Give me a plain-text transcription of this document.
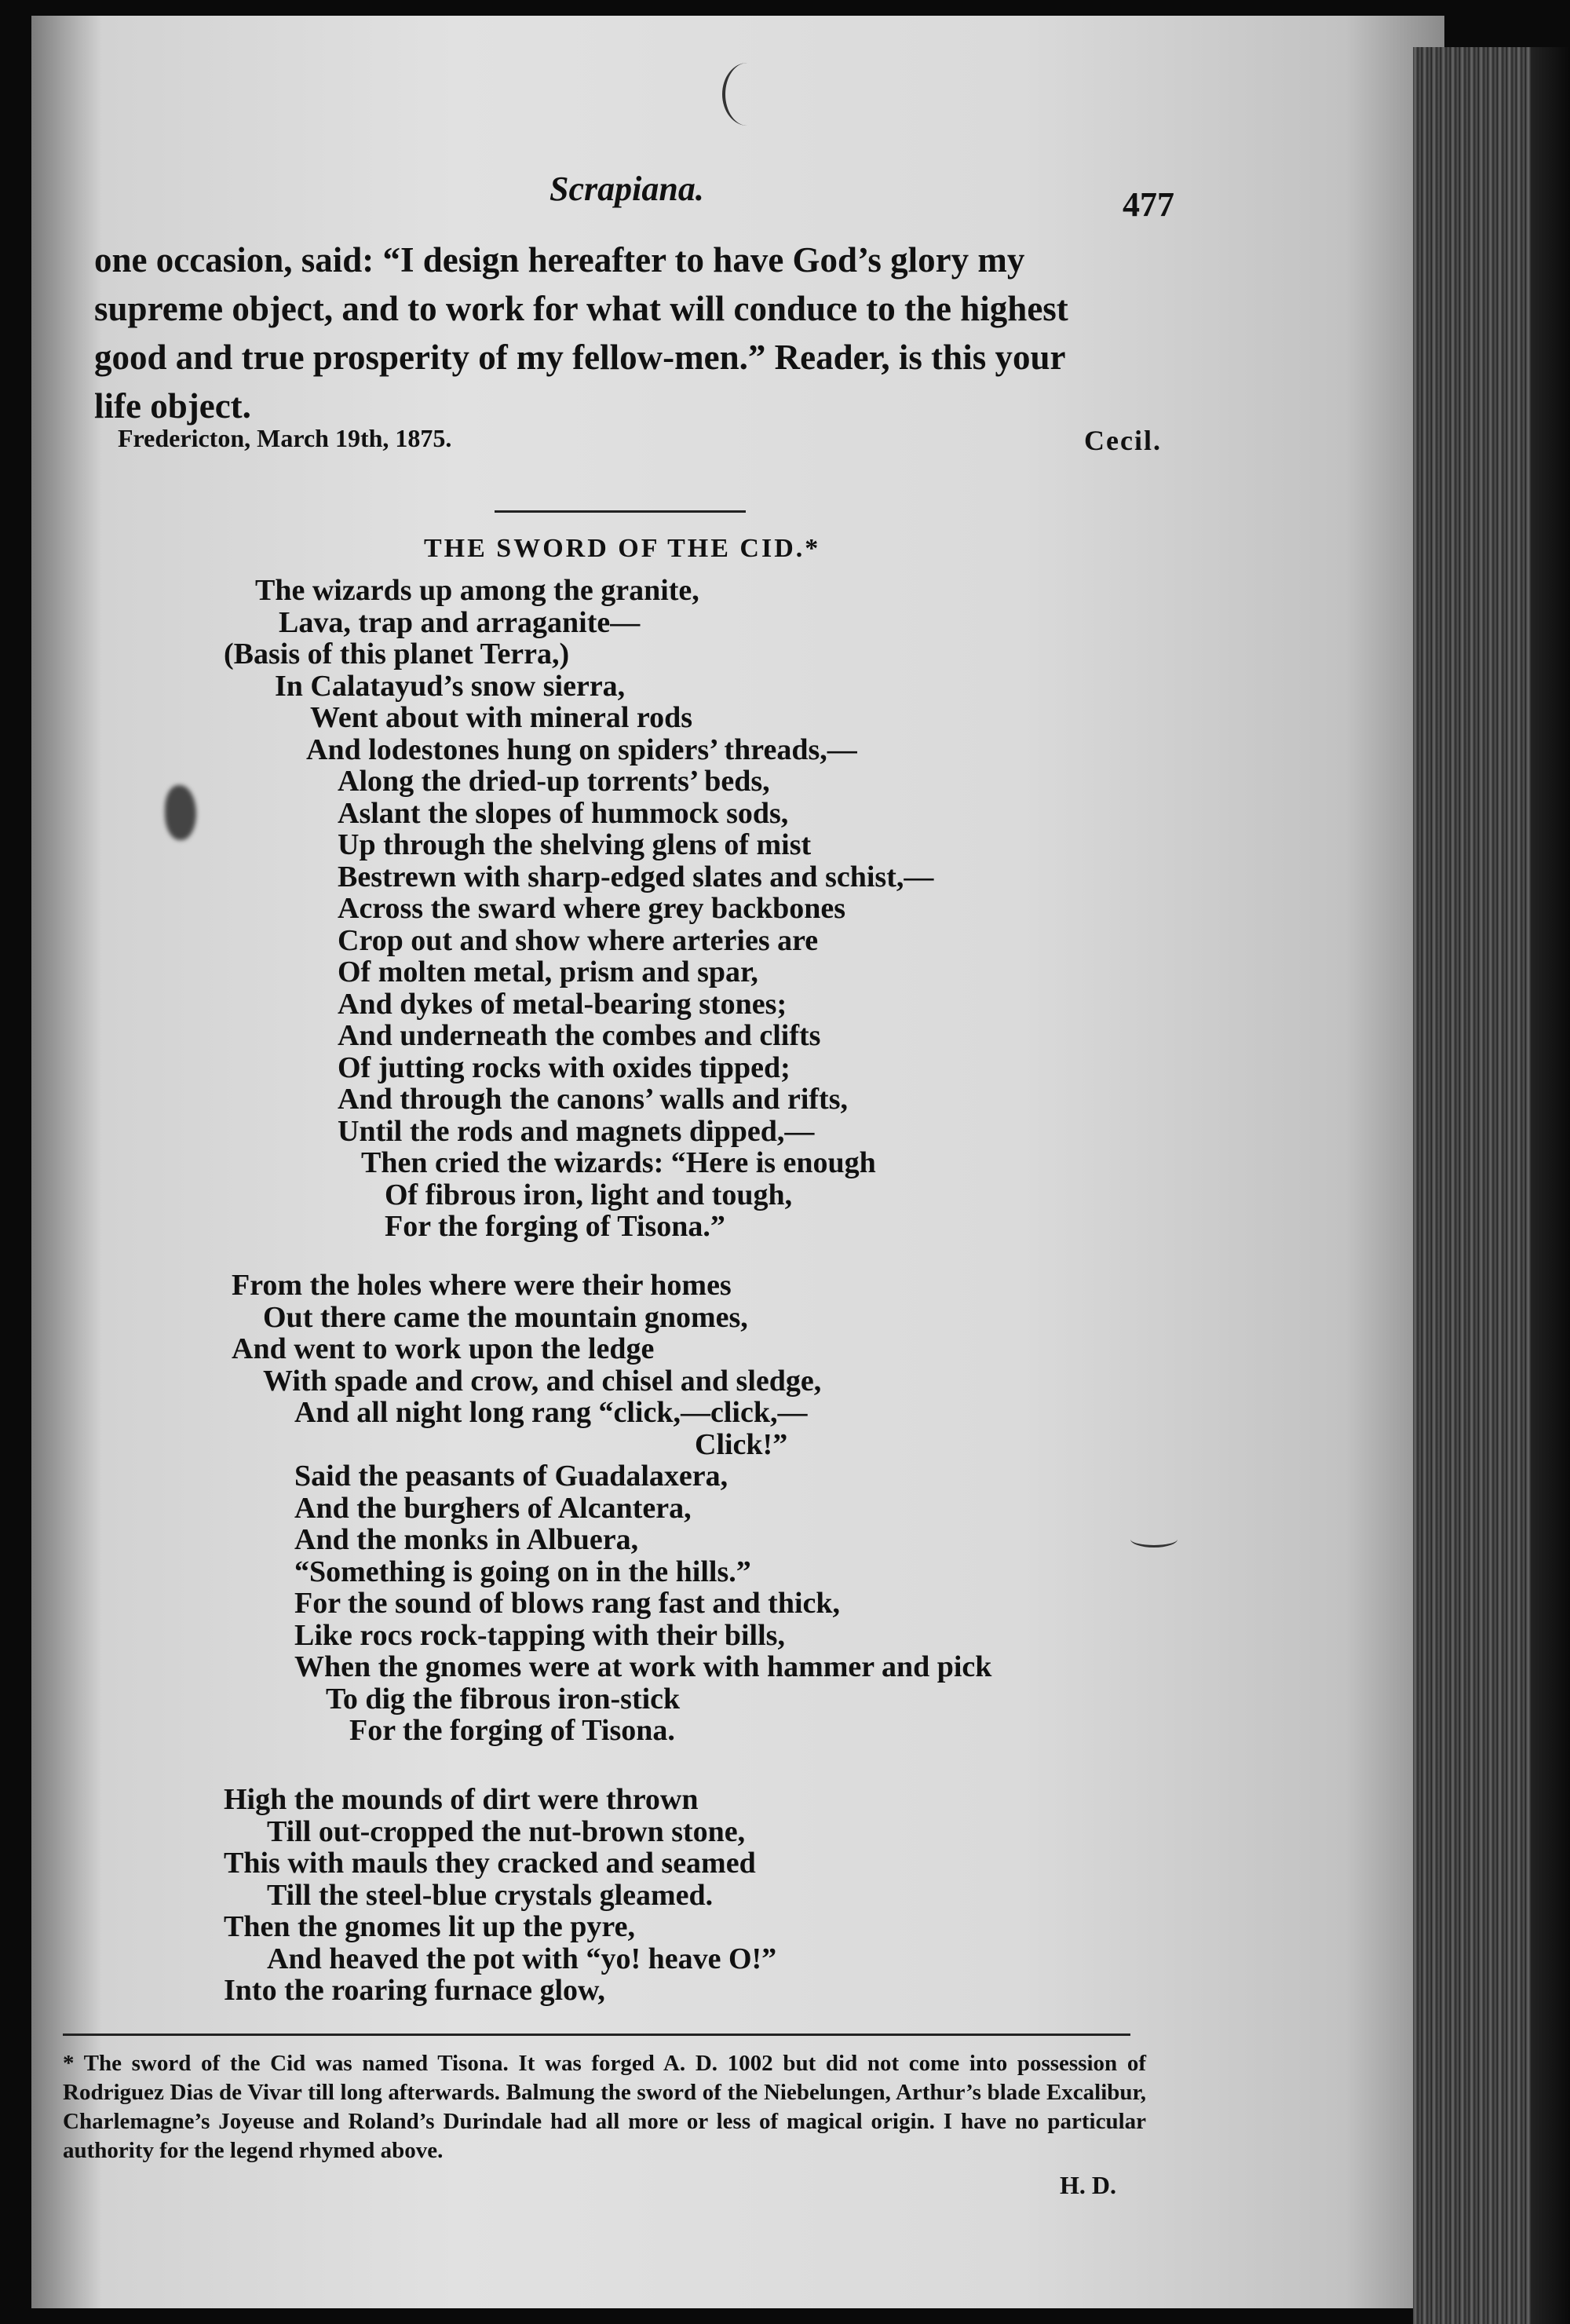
Scrapiana.	477
one occasion, said: “I design hereafter to have God’s glory my
supreme object, and to work for what will conduce to the highest
good and true prosperity of my fellow-men.” Reader, is this your
life object.
Fredericton, March 19th, 1875.	Cecil.
THE SWORD OF THE CID.*
The wizards up among the granite,
Lava, trap and arraganite—
(Basis of this planet Terra,)
In Calatayud’s snow sierra,
Went about with mineral rods
And lodestones hung on spiders’ threads,—
Along the dried-up torrents’ beds,
Aslant the slopes of hummock sods,
Up through the shelving glens of mist
Bestrewn with sharp-edged slates and schist,—
Across the sward where grey backbones
Crop out and show where arteries are
Of molten metal, prism and spar,
And dykes of metal-bearing stones;
And underneath the combes and clifts
Of jutting rocks with oxides tipped;
And through the canons’ walls and rifts,
Until the rods and magnets dipped,—
Then cried the wizards: “Here is enough
Of fibrous iron, light and tough,
For the forging of Tisona.”
From the holes where were their homes
Out there came the mountain gnomes,
And went to work upon the ledge
With spade and crow, and chisel and sledge,
And all night long rang “click,—click,—
Click!”
Said the peasants of Guadalaxera,
And the burghers of Alcantera,
And the monks in Albuera,
“Something is going on in the hills.”
For the sound of blows rang fast and thick,
Like rocs rock-tapping with their bills,
When the gnomes were at work with hammer and pick
To dig the fibrous iron-stick
For the forging of Tisona.
High the mounds of dirt were thrown
Till out-cropped the nut-brown stone,
This with mauls they cracked and seamed
Till the steel-blue crystals gleamed.
Then the gnomes lit up the pyre,
And heaved the pot with “yo! heave O!”
Into the roaring furnace glow,
* The sword of the Cid was named Tisona. It was forged A. D. 1002 but did not come into possession of Rodriguez Dias de Vivar till long afterwards. Balmung the sword of the Niebelungen, Arthur’s blade Excalibur, Charlemagne’s Joyeuse and Roland’s Durindale had all more or less of magical origin. I have no particular authority for the legend rhymed above.
H. D.
